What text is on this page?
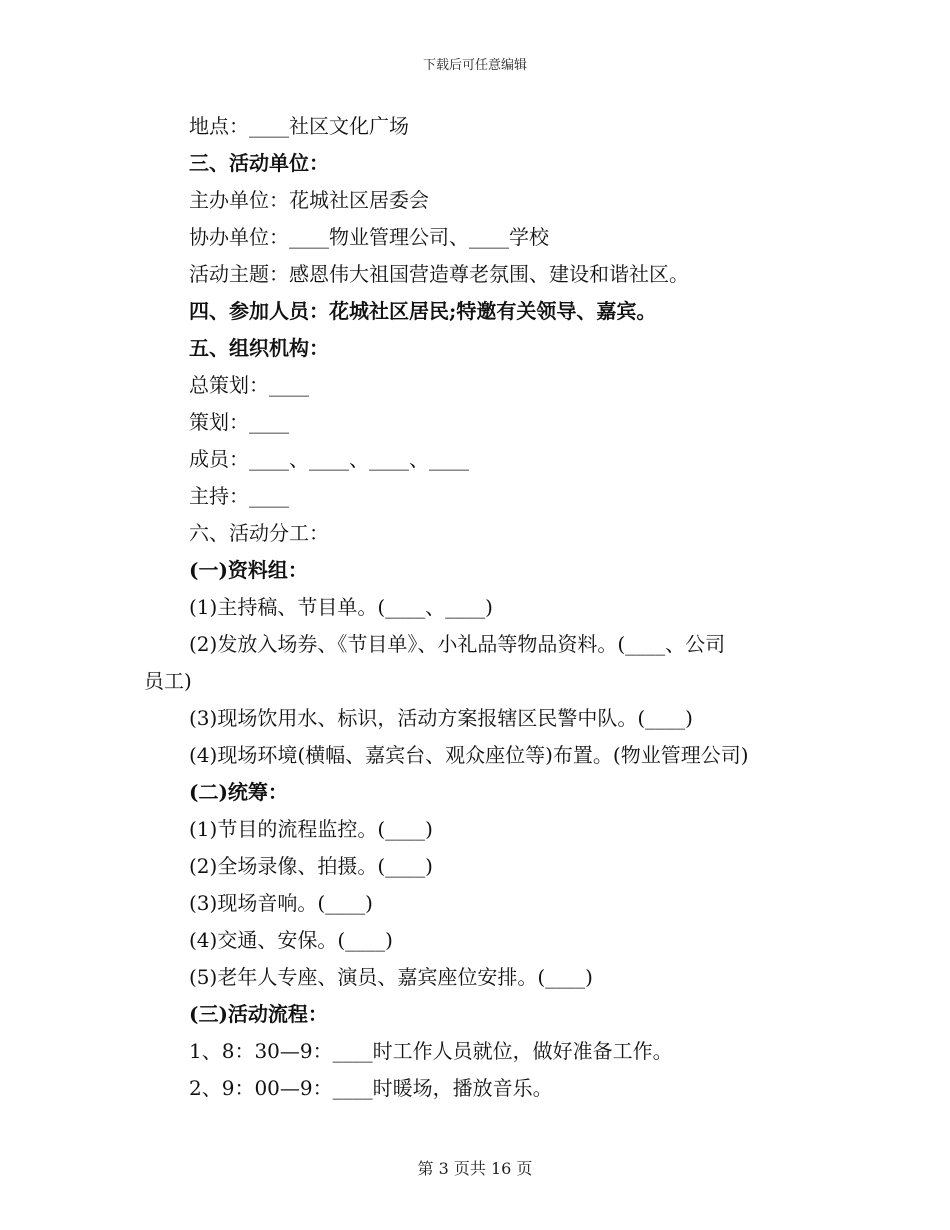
下载后可任意编辑
地点：____社区文化广场
三、活动单位：
主办单位：花城社区居委会
协办单位：____物业管理公司、____学校
活动主题：感恩伟大祖国营造尊老氛围、建设和谐社区。
四、参加人员：花城社区居民;特邀有关领导、嘉宾。
五、组织机构：
总策划：____
策划：____
成员：____、____、____、____
主持：____
六、活动分工：
(一)资料组：
(1)主持稿、节目单。(____、____)
(2)发放入场券、《节目单》、小礼品等物品资料。(____、公司
员工)
(3)现场饮用水、标识，活动方案报辖区民警中队。(____)
(4)现场环境(横幅、嘉宾台、观众座位等)布置。(物业管理公司)
(二)统筹：
(1)节目的流程监控。(____)
(2)全场录像、拍摄。(____)
(3)现场音响。(____)
(4)交通、安保。(____)
(5)老年人专座、演员、嘉宾座位安排。(____)
(三)活动流程：
1、8：30—9：____时工作人员就位，做好准备工作。
2、9：00—9：____时暖场，播放音乐。
第 3 页共 16 页
